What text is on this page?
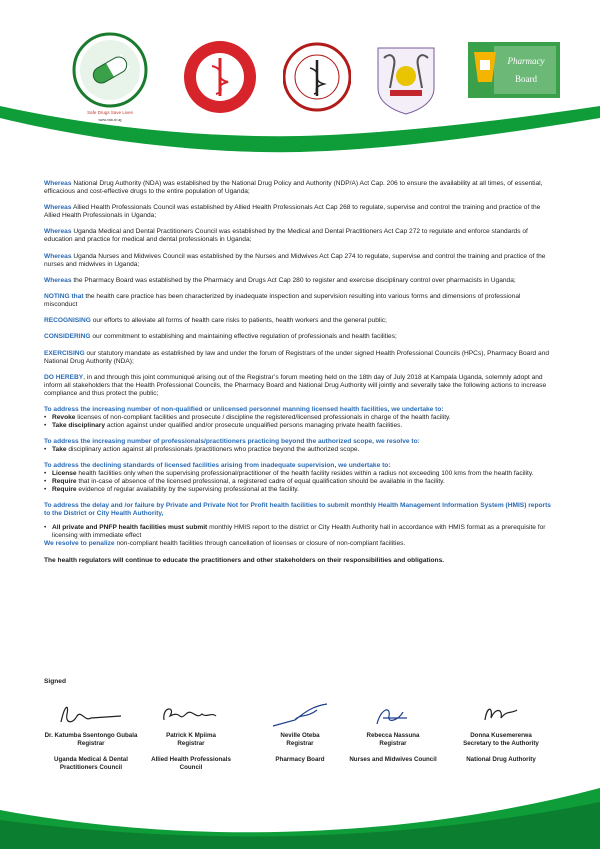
Safe Drugs Save Lives
www.nda.or.ug
Pharmacy
Board
Whereas National Drug Authority (NDA) was established by the National Drug Policy and Authority (NDP/A) Act Cap. 206 to ensure the availability at all times, of essential, efficacious and cost-effective drugs to the entire population of Uganda;
Whereas Allied Health Professionals Council was established by Allied Health Professionals Act Cap 268 to regulate, supervise and control the training and practice of the Allied Health Professionals in Uganda;
Whereas Uganda Medical and Dental Practitioners Council was established by the Medical and Dental Practitioners Act Cap 272 to regulate and enforce standards of education and practice for medical and dental professionals in Uganda;
Whereas Uganda Nurses and Midwives Council was established by the Nurses and Midwives Act Cap 274 to regulate, supervise and control the training and practice of the nurses and midwives in Uganda;
Whereas the Pharmacy Board was established by the Pharmacy and Drugs Act Cap 280 to register and exercise disciplinary control over pharmacists in Uganda;
NOTING that the health care practice has been characterized by inadequate inspection and supervision resulting into various forms and dimensions of professional misconduct
RECOGNISING our efforts to alleviate all forms of health care risks to patients, health workers and the general public;
CONSIDERING our commitment to establishing and maintaining effective regulation of professionals and health facilities;
EXERCISING our statutory mandate as established by law and under the forum of Registrars of the under signed Health Professional Councils (HPCs), Pharmacy Board and National Drug Authority (NDA);
DO HEREBY, in and through this joint communiqué arising out of the Registrar’s forum meeting held on the 18th day of July 2018 at Kampala Uganda, solemnly adopt and inform all stakeholders that the Health Professional Councils, the Pharmacy Board and National Drug Authority will jointly and severally take the following actions to increase compliance and thus protect the public;
To address the increasing number of non-qualified or unlicensed personnel manning licensed health facilities, we undertake to:
• Revoke licenses of non-compliant facilities and prosecute / discipline the registered/licensed professionals in charge of the health facility.
• Take disciplinary action against under qualified and/or prosecute unqualified persons managing private health facilities.
To address the increasing number of professionals/practitioners practicing beyond the authorized scope, we resolve to:
• Take disciplinary action against all professionals /practitioners who practice beyond the authorized scope.
To address the declining standards of licensed facilities arising from inadequate supervision, we undertake to:
• License health facilities only when the supervising professional/practitioner of the health facility resides within a radius not exceeding 100 kms from the health facility.
• Require that in-case of absence of the licensed professional, a registered cadre of equal qualification should be available in the facility.
• Require evidence of regular availability by the supervising professional at the facility.
To address the delay and /or failure by Private and Private Not for Profit health facilities to submit monthly Health Management Information System (HMIS) reports to the District or City Health Authority,
• All private and PNFP health facilities must submit monthly HMIS report to the district or City Health Authority hall in accordance with HMIS format as a prerequisite for licensing with immediate effect
We resolve to penalize non-compliant health facilities through cancellation of licenses or closure of non-compliant facilities.
The health regulators will continue to educate the practitioners and other stakeholders on their responsibilities and obligations.
Signed
Dr. Katumba Ssentongo Gubala
Registrar
Uganda Medical & Dental Practitioners Council
Patrick K Mpiima
Registrar
Allied Health Professionals Council
Neville Oteba
Registrar
Pharmacy Board
Rebecca Nassuna
Registrar
Nurses and Midwives Council
Donna Kusemererwa
Secretary to the Authority
National Drug Authority
